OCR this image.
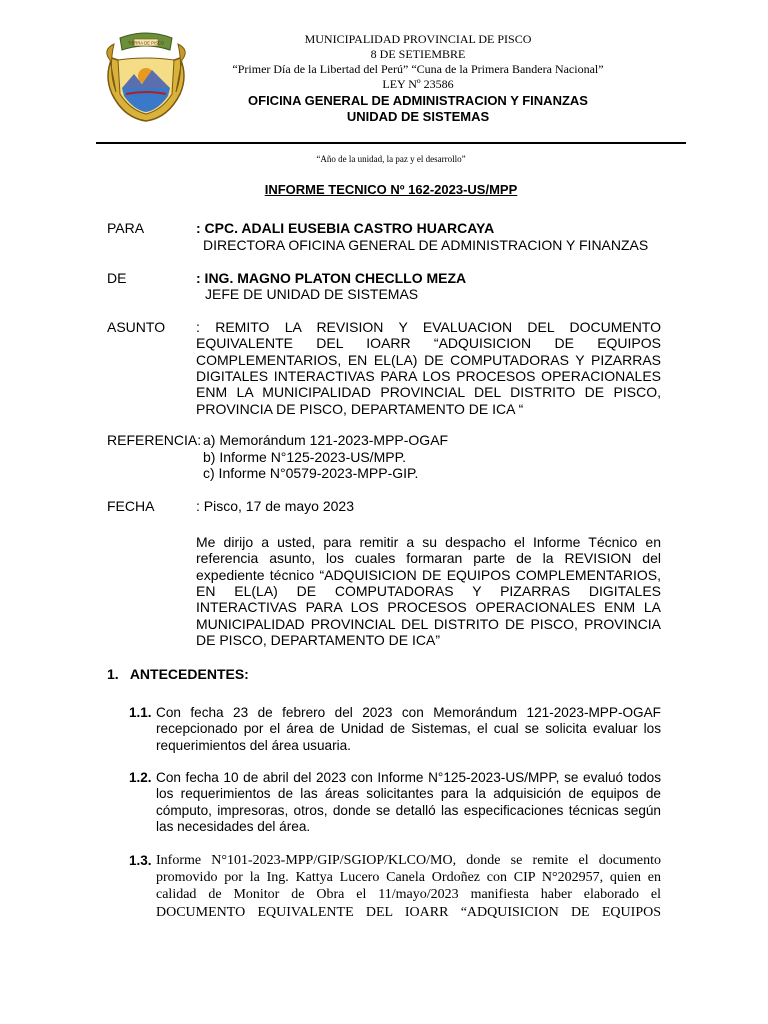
TIERRA DE PISCO	MUNICIPALIDAD PROVINCIAL DE PISCO
8 DE SETIEMBRE
“Primer Día de la Libertad del Perú” “Cuna de la Primera Bandera Nacional”
LEY Nº 23586
OFICINA GENERAL DE ADMINISTRACION Y FINANZAS
UNIDAD DE SISTEMAS
“Año de la unidad, la paz y el desarrollo”
INFORME TECNICO Nº 162-2023-US/MPP
PARA	: CPC. ADALI EUSEBIA CASTRO HUARCAYA
DIRECTORA OFICINA GENERAL DE ADMINISTRACION Y FINANZAS
DE	: ING. MAGNO PLATON CHECLLO MEZA
JEFE DE UNIDAD DE SISTEMAS
ASUNTO : REMITO LA REVISION Y EVALUACION DEL DOCUMENTO
EQUIVALENTE DEL IOARR “ADQUISICION DE EQUIPOS
COMPLEMENTARIOS, EN EL(LA) DE COMPUTADORAS Y PIZARRAS
DIGITALES INTERACTIVAS PARA LOS PROCESOS OPERACIONALES
ENM LA MUNICIPALIDAD PROVINCIAL DEL DISTRITO DE PISCO,
PROVINCIA DE PISCO, DEPARTAMENTO DE ICA “
REFERENCIA: a) Memorándum 121-2023-MPP-OGAF
b) Informe N°125-2023-US/MPP.
c) Informe N°0579-2023-MPP-GIP.
FECHA	: Pisco, 17 de mayo 2023
Me dirijo a usted, para remitir a su despacho el Informe Técnico en
referencia asunto, los cuales formaran parte de la REVISION del
expediente técnico “ADQUISICION DE EQUIPOS COMPLEMENTARIOS,
EN EL(LA) DE COMPUTADORAS Y PIZARRAS DIGITALES
INTERACTIVAS PARA LOS PROCESOS OPERACIONALES ENM LA
MUNICIPALIDAD PROVINCIAL DEL DISTRITO DE PISCO, PROVINCIA
DE PISCO, DEPARTAMENTO DE ICA”
1.   ANTECEDENTES:
1.1. Con fecha 23 de febrero del 2023 con Memorándum 121-2023-MPP-OGAF
recepcionado por el área de Unidad de Sistemas, el cual se solicita evaluar los
requerimientos del área usuaria.
1.2. Con fecha 10 de abril del 2023 con Informe N°125-2023-US/MPP, se evaluó todos
los requerimientos de las áreas solicitantes para la adquisición de equipos de
cómputo, impresoras, otros, donde se detalló las especificaciones técnicas según
las necesidades del área.
1.3. Informe N°101-2023-MPP/GIP/SGIOP/KLCO/MO, donde se remite el documento
promovido por la Ing. Kattya Lucero Canela Ordoñez con CIP N°202957, quien en
calidad de Monitor de Obra el 11/mayo/2023 manifiesta haber elaborado el
DOCUMENTO EQUIVALENTE DEL IOARR “ADQUISICION DE EQUIPOS
